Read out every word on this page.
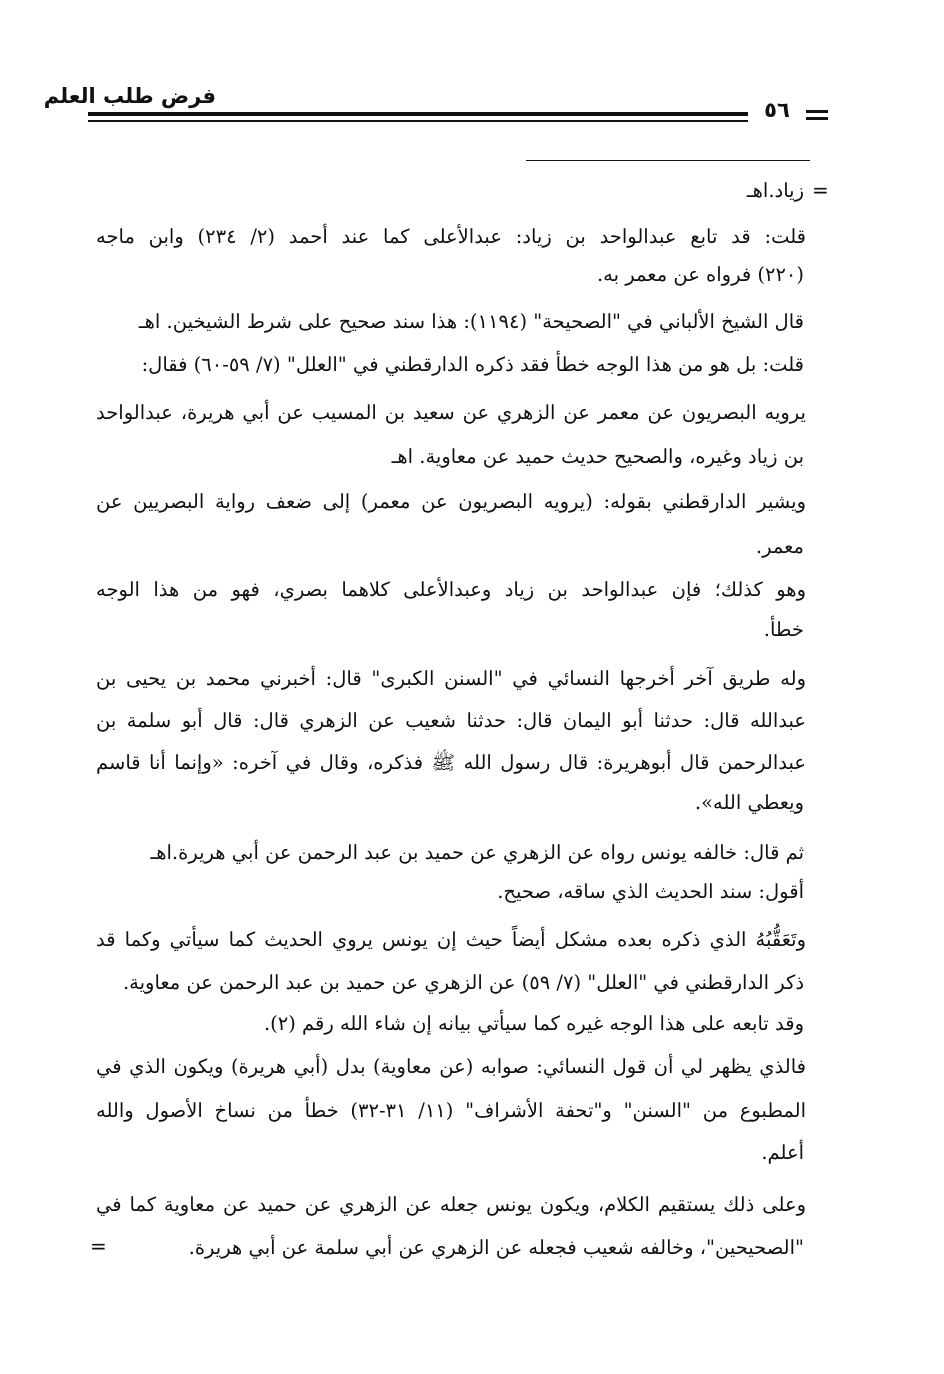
فرض طلب العلم
٥٦
=
=
زياد.اهـ
قلت: قد تابع عبدالواحد بن زياد: عبدالأعلى كما عند أحمد (٢/ ٢٣٤) وابن ماجه
(٢٢٠) فرواه عن معمر به.
قال الشيخ الألباني في "الصحيحة" (١١٩٤): هذا سند صحيح على شرط الشيخين. اهـ
قلت: بل هو من هذا الوجه خطأ فقد ذكره الدارقطني في "العلل" (٧/ ٥٩-٦٠) فقال:
يرويه البصريون عن معمر عن الزهري عن سعيد بن المسيب عن أبي هريرة، عبدالواحد
بن زياد وغيره، والصحيح حديث حميد عن معاوية. اهـ
ويشير الدارقطني بقوله: (يرويه البصريون عن معمر) إلى ضعف رواية البصريين عن
معمر.
وهو كذلك؛ فإن عبدالواحد بن زياد وعبدالأعلى كلاهما بصري، فهو من هذا الوجه
خطأ.
وله طريق آخر أخرجها النسائي في "السنن الكبرى" قال: أخبرني محمد بن يحيى بن
عبدالله قال: حدثنا أبو اليمان قال: حدثنا شعيب عن الزهري قال: قال أبو سلمة بن
عبدالرحمن قال أبوهريرة: قال رسول الله ﷺ فذكره، وقال في آخره: «وإنما أنا قاسم
ويعطي الله».
ثم قال: خالفه يونس رواه عن الزهري عن حميد بن عبد الرحمن عن أبي هريرة.اهـ
أقول: سند الحديث الذي ساقه، صحيح.
وتَعَقُّبُهُ الذي ذكره بعده مشكل أيضاً حيث إن يونس يروي الحديث كما سيأتي وكما قد
ذكر الدارقطني في "العلل" (٧/ ٥٩) عن الزهري عن حميد بن عبد الرحمن عن معاوية.
وقد تابعه على هذا الوجه غيره كما سيأتي بيانه إن شاء الله رقم (٢).
فالذي يظهر لي أن قول النسائي: صوابه (عن معاوية) بدل (أبي هريرة) ويكون الذي في
المطبوع من "السنن" و"تحفة الأشراف" (١١/ ٣١-٣٢) خطأ من نساخ الأصول والله
أعلم.
وعلى ذلك يستقيم الكلام، ويكون يونس جعله عن الزهري عن حميد عن معاوية كما في
"الصحيحين"، وخالفه شعيب فجعله عن الزهري عن أبي سلمة عن أبي هريرة.
